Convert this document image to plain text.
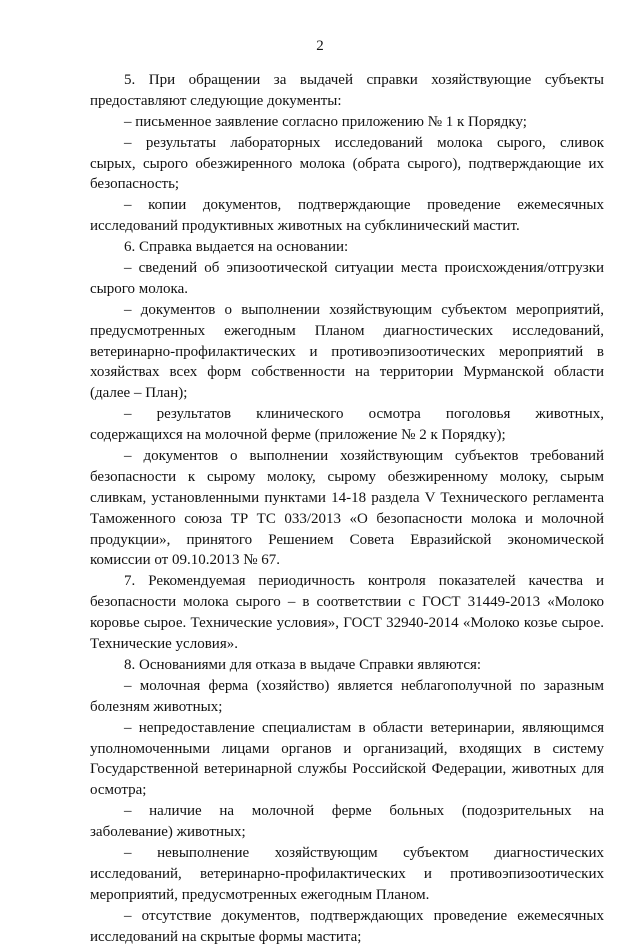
2
5. При обращении за выдачей справки хозяйствующие субъекты
предоставляют следующие документы:
– письменное заявление согласно приложению № 1 к Порядку;
– результаты лабораторных исследований молока сырого, сливок
сырых, сырого обезжиренного молока (обрата сырого), подтверждающие их
безопасность;
– копии документов, подтверждающие проведение ежемесячных
исследований продуктивных животных на субклинический мастит.
6. Справка выдается на основании:
– сведений об эпизоотической ситуации места происхождения/отгрузки
сырого молока.
– документов о выполнении хозяйствующим субъектом мероприятий,
предусмотренных ежегодным Планом диагностических исследований,
ветеринарно-профилактических и противоэпизоотических мероприятий в
хозяйствах всех форм собственности на территории Мурманской области
(далее – План);
– результатов клинического осмотра поголовья животных,
содержащихся на молочной ферме (приложение № 2 к Порядку);
– документов о выполнении хозяйствующим субъектов требований
безопасности к сырому молоку, сырому обезжиренному молоку, сырым
сливкам, установленными пунктами 14-18 раздела V Технического регламента
Таможенного союза ТР ТС 033/2013 «О безопасности молока и молочной
продукции», принятого Решением Совета Евразийской экономической
комиссии от 09.10.2013 № 67.
7. Рекомендуемая периодичность контроля показателей качества и
безопасности молока сырого – в соответствии с ГОСТ 31449-2013 «Молоко
коровье сырое. Технические условия», ГОСТ 32940-2014 «Молоко козье сырое.
Технические условия».
8. Основаниями для отказа в выдаче Справки являются:
– молочная ферма (хозяйство) является неблагополучной по заразным
болезням животных;
– непредоставление специалистам в области ветеринарии, являющимся
уполномоченными лицами органов и организаций, входящих в систему
Государственной ветеринарной службы Российской Федерации, животных для
осмотра;
– наличие на молочной ферме больных (подозрительных на
заболевание) животных;
– невыполнение хозяйствующим субъектом диагностических
исследований, ветеринарно-профилактических и противоэпизоотических
мероприятий, предусмотренных ежегодным Планом.
– отсутствие документов, подтверждающих проведение ежемесячных
исследований на скрытые формы мастита;
